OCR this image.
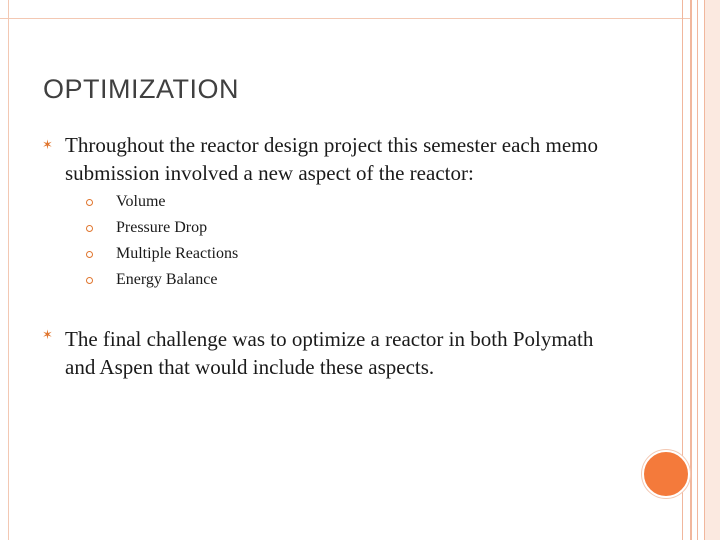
OPTIMIZATION
✶ Throughout the reactor design project this semester each memo submission involved a new aspect of the reactor:

Volume
Pressure Drop
Multiple Reactions
Energy Balance
✶ The final challenge was to optimize a reactor in both Polymath and Aspen that would include these aspects.
